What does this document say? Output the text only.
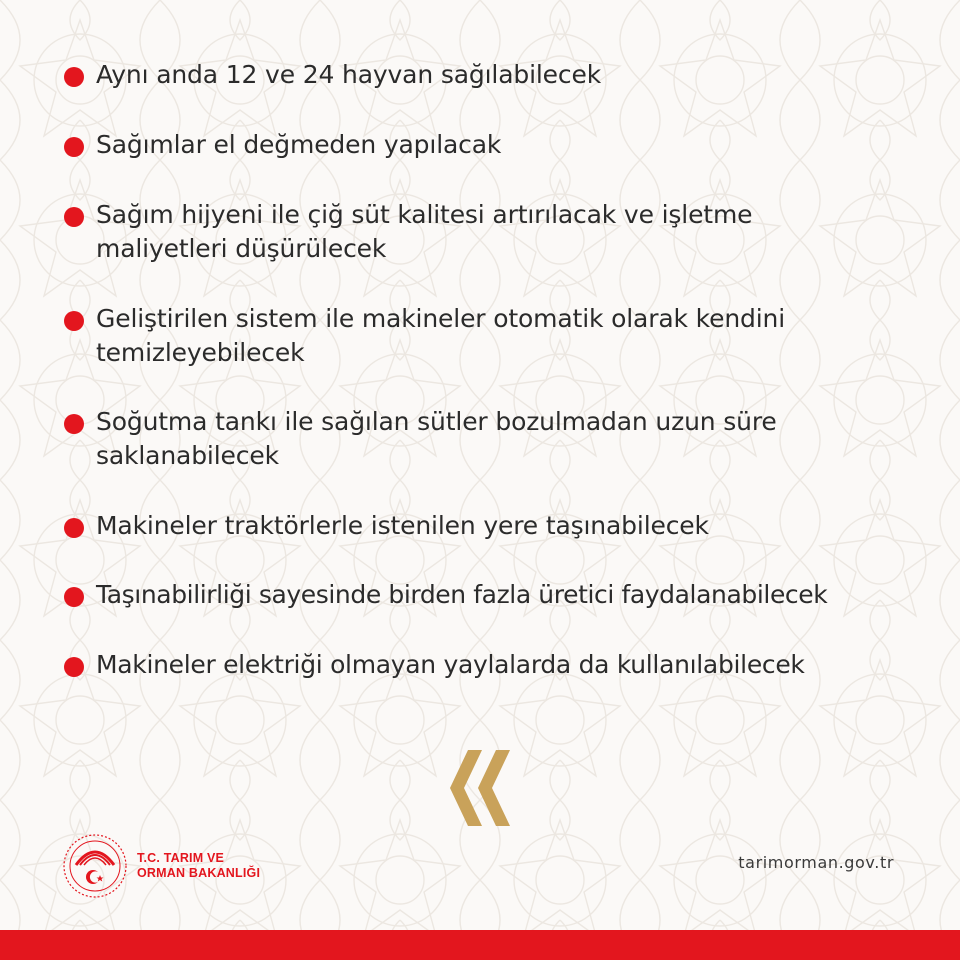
Aynı anda 12 ve 24 hayvan sağılabilecek
Sağımlar el değmeden yapılacak
Sağım hijyeni ile çiğ süt kalitesi artırılacak ve işletme maliyetleri düşürülecek
Geliştirilen sistem ile makineler otomatik olarak kendini temizleyebilecek
Soğutma tankı ile sağılan sütler bozulmadan uzun süre saklanabilecek
Makineler traktörlerle istenilen yere taşınabilecek
Taşınabilirliği sayesinde birden fazla üretici faydalanabilecek
Makineler elektriği olmayan yaylalarda da kullanılabilecek
T.C. TARIM VE
ORMAN BAKANLIĞI
tarimorman.gov.tr
